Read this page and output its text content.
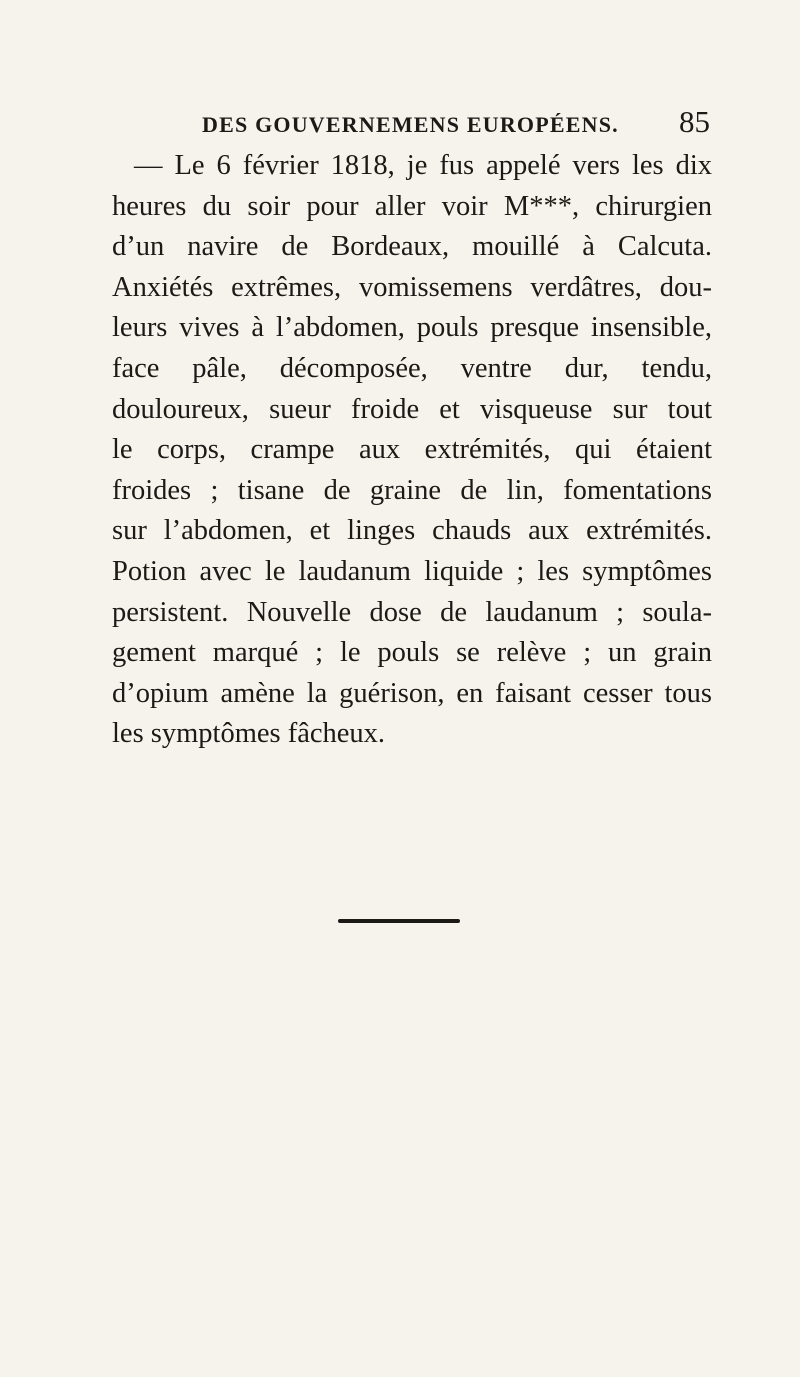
DES GOUVERNEMENS EUROPÉENS. 85
— Le 6 février 1818, je fus appelé vers les dix
heures du soir pour aller voir M***, chirurgien
d’un navire de Bordeaux, mouillé à Calcuta.
Anxiétés extrêmes, vomissemens verdâtres, dou-
leurs vives à l’abdomen, pouls presque insensible,
face pâle, décomposée, ventre dur, tendu,
douloureux, sueur froide et visqueuse sur tout
le corps, crampe aux extrémités, qui étaient
froides ; tisane de graine de lin, fomentations
sur l’abdomen, et linges chauds aux extrémités.
Potion avec le laudanum liquide ; les symptômes
persistent. Nouvelle dose de laudanum ; soula-
gement marqué ; le pouls se relève ; un grain
d’opium amène la guérison, en faisant cesser tous
les symptômes fâcheux.
